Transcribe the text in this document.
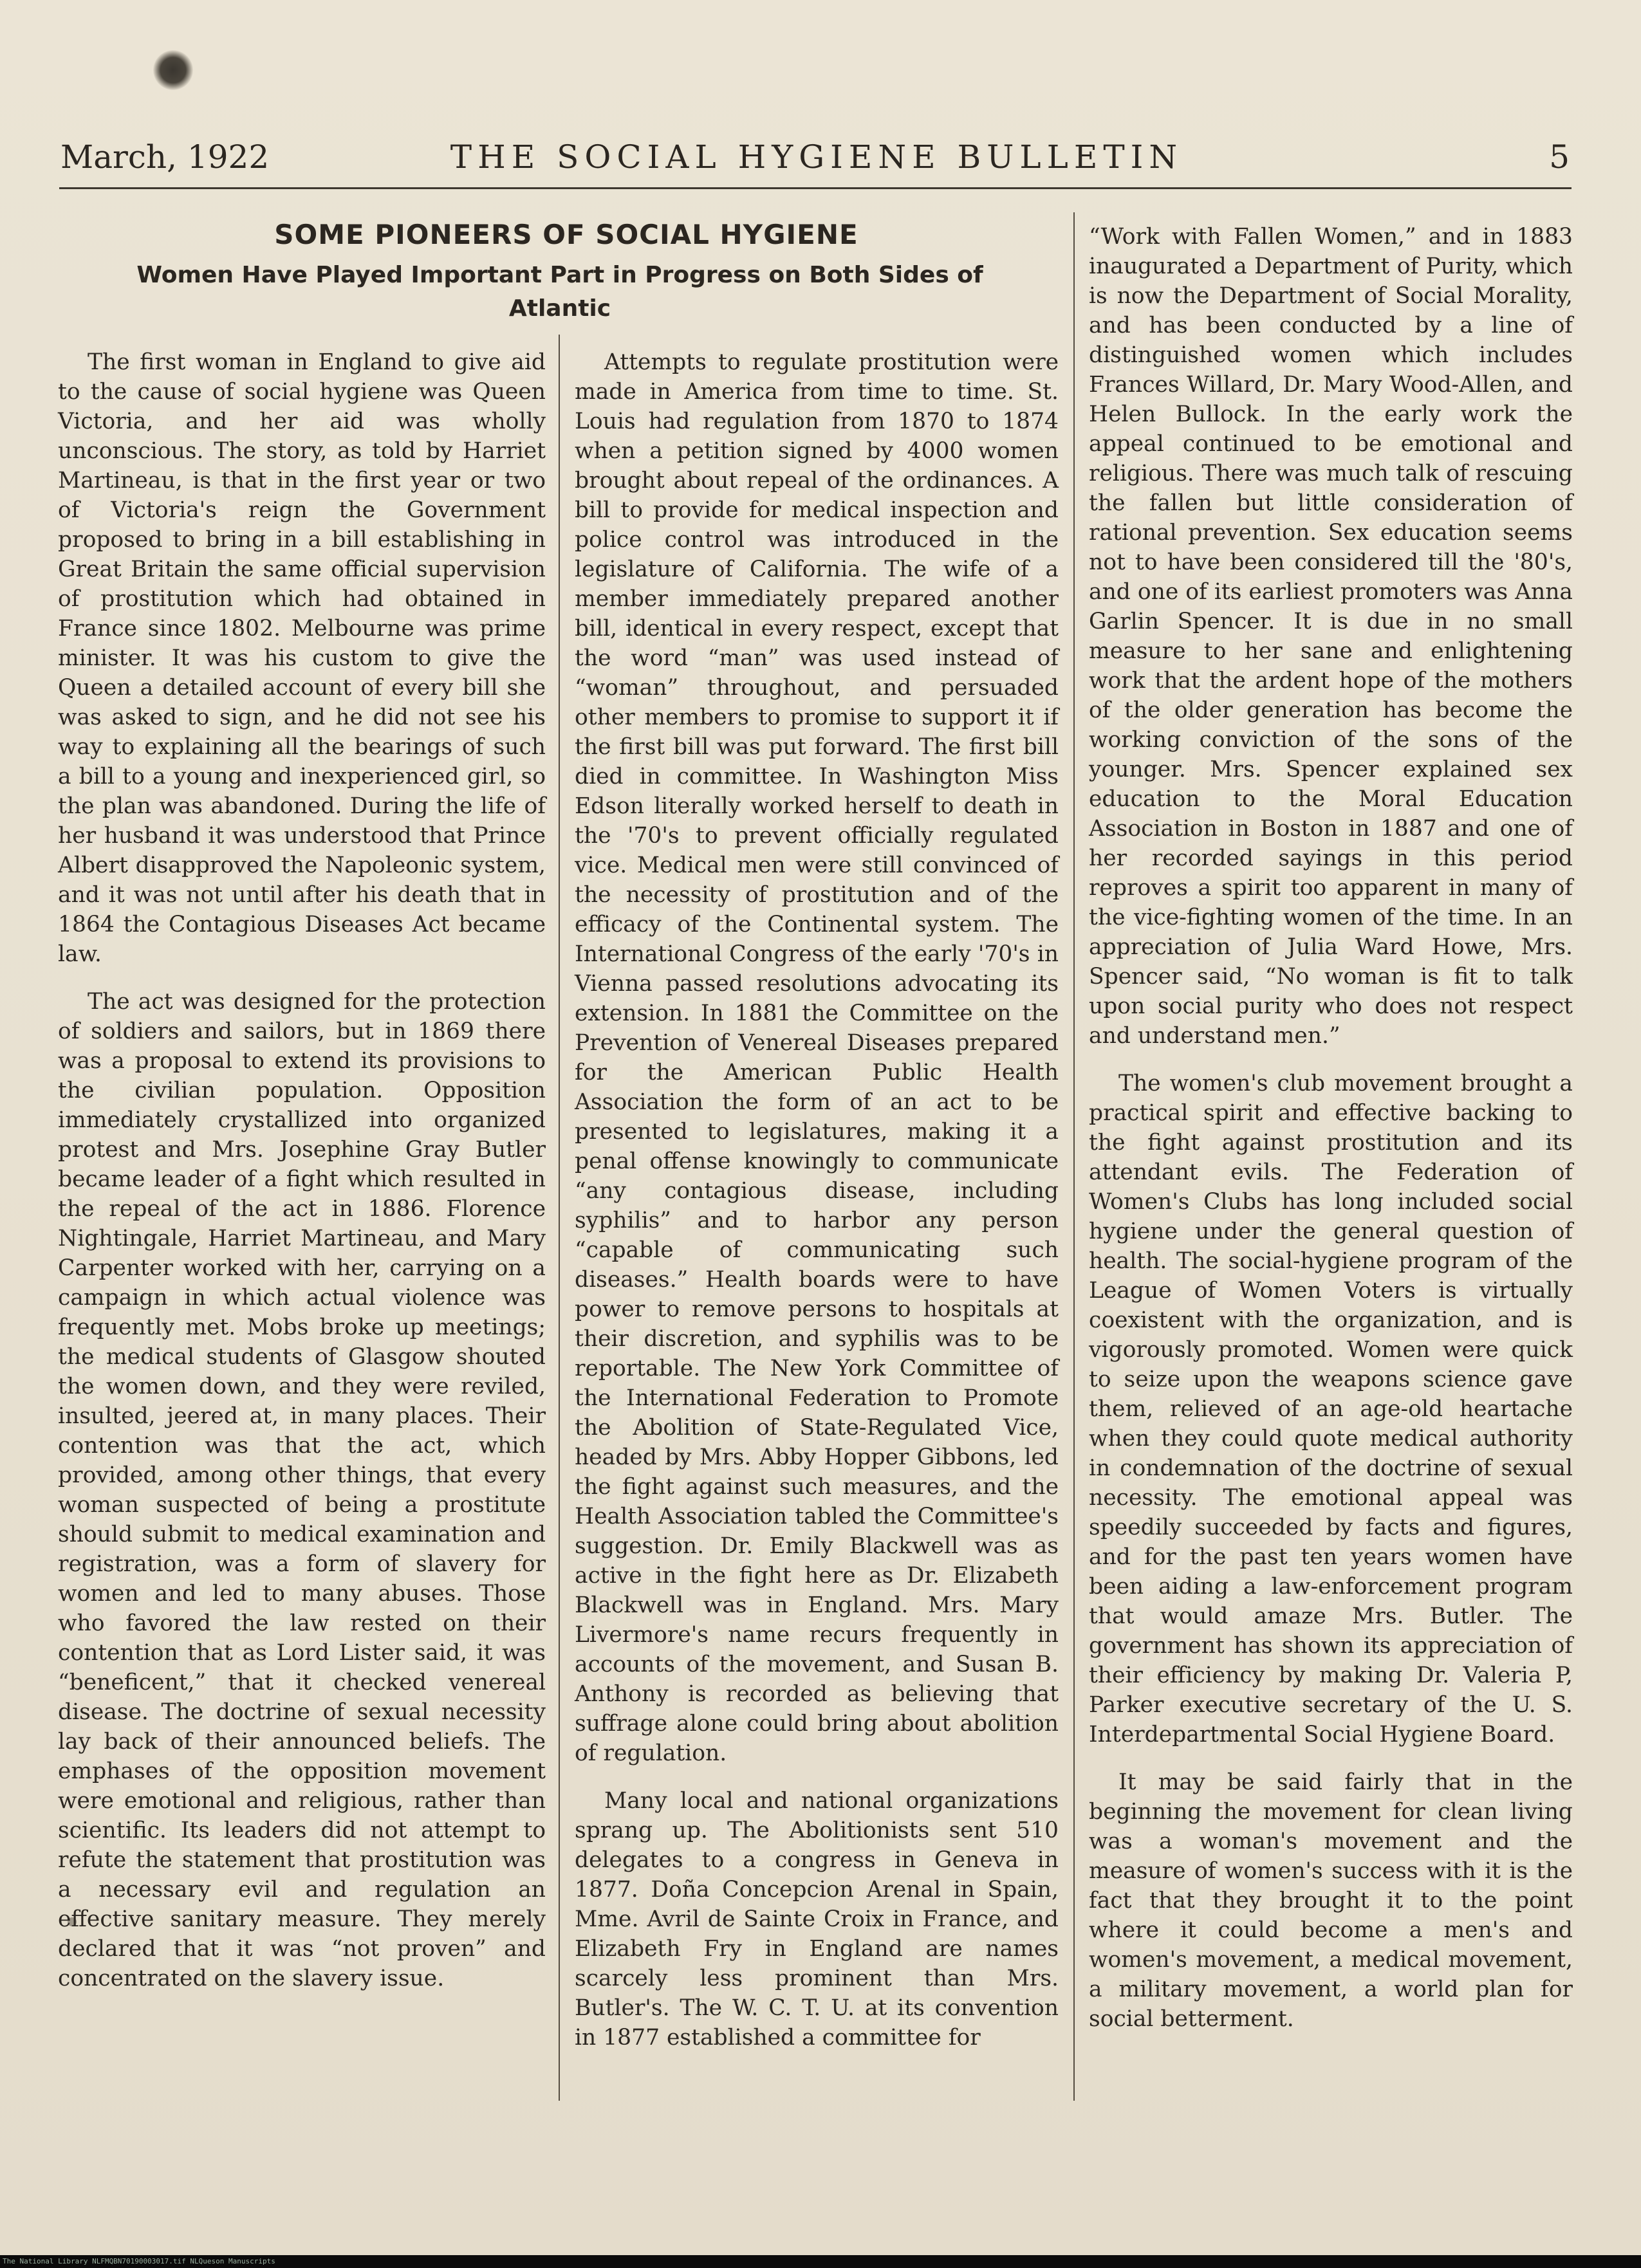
March, 1922	THE SOCIAL HYGIENE BULLETIN	5
SOME PIONEERS OF SOCIAL HYGIENE
Women Have Played Important Part in Progress on Both Sides of Atlantic

The first woman in England to give aid to the cause of social hygiene was Queen Victoria, and her aid was wholly unconscious. The story, as told by Harriet Martineau, is that in the first year or two of Victoria's reign the Government proposed to bring in a bill establishing in Great Britain the same official supervision of prostitution which had obtained in France since 1802. Melbourne was prime minister. It was his custom to give the Queen a detailed account of every bill she was asked to sign, and he did not see his way to explaining all the bearings of such a bill to a young and inexperienced girl, so the plan was abandoned. During the life of her husband it was understood that Prince Albert disapproved the Napoleonic system, and it was not until after his death that in 1864 the Contagious Diseases Act became law.

The act was designed for the protection of soldiers and sailors, but in 1869 there was a proposal to extend its provisions to the civilian population. Opposition immediately crystallized into organized protest and Mrs. Josephine Gray Butler became leader of a fight which resulted in the repeal of the act in 1886. Florence Nightingale, Harriet Martineau, and Mary Carpenter worked with her, carrying on a campaign in which actual violence was frequently met. Mobs broke up meetings; the medical students of Glasgow shouted the women down, and they were reviled, insulted, jeered at, in many places. Their contention was that the act, which provided, among other things, that every woman suspected of being a prostitute should submit to medical examination and registration, was a form of slavery for women and led to many abuses. Those who favored the law rested on their contention that as Lord Lister said, it was “beneficent,” that it checked venereal disease. The doctrine of sexual necessity lay back of their announced beliefs. The emphases of the opposition movement were emotional and religious, rather than scientific. Its leaders did not attempt to refute the statement that prostitution was a necessary evil and regulation an effective sanitary measure. They merely declared that it was “not proven” and concentrated on the slavery issue.

Attempts to regulate prostitution were made in America from time to time. St. Louis had regulation from 1870 to 1874 when a petition signed by 4000 women brought about repeal of the ordinances. A bill to provide for medical inspection and police control was introduced in the legislature of California. The wife of a member immediately prepared another bill, identical in every respect, except that the word “man” was used instead of “woman” throughout, and persuaded other members to promise to support it if the first bill was put forward. The first bill died in committee. In Washington Miss Edson literally worked herself to death in the '70's to prevent officially regulated vice. Medical men were still convinced of the necessity of prostitution and of the efficacy of the Continental system. The International Congress of the early '70's in Vienna passed resolutions advocating its extension. In 1881 the Committee on the Prevention of Venereal Diseases prepared for the American Public Health Association the form of an act to be presented to legislatures, making it a penal offense knowingly to communicate “any contagious disease, including syphilis” and to harbor any person “capable of communicating such diseases.” Health boards were to have power to remove persons to hospitals at their discretion, and syphilis was to be reportable. The New York Committee of the International Federation to Promote the Abolition of State-Regulated Vice, headed by Mrs. Abby Hopper Gibbons, led the fight against such measures, and the Health Association tabled the Committee's suggestion. Dr. Emily Blackwell was as active in the fight here as Dr. Elizabeth Blackwell was in England. Mrs. Mary Livermore's name recurs frequently in accounts of the movement, and Susan B. Anthony is recorded as believing that suffrage alone could bring about abolition of regulation.

Many local and national organizations sprang up. The Abolitionists sent 510 delegates to a congress in Geneva in 1877. Doña Concepcion Arenal in Spain, Mme. Avril de Sainte Croix in France, and Elizabeth Fry in England are names scarcely less prominent than Mrs. Butler's. The W. C. T. U. at its convention in 1877 established a committee for

“Work with Fallen Women,” and in 1883 inaugurated a Department of Purity, which is now the Department of Social Morality, and has been conducted by a line of distinguished women which includes Frances Willard, Dr. Mary Wood-Allen, and Helen Bullock. In the early work the appeal continued to be emotional and religious. There was much talk of rescuing the fallen but little consideration of rational prevention. Sex education seems not to have been considered till the '80's, and one of its earliest promoters was Anna Garlin Spencer. It is due in no small measure to her sane and enlightening work that the ardent hope of the mothers of the older generation has become the working conviction of the sons of the younger. Mrs. Spencer explained sex education to the Moral Education Association in Boston in 1887 and one of her recorded sayings in this period reproves a spirit too apparent in many of the vice-fighting women of the time. In an appreciation of Julia Ward Howe, Mrs. Spencer said, “No woman is fit to talk upon social purity who does not respect and understand men.”

The women's club movement brought a practical spirit and effective backing to the fight against prostitution and its attendant evils. The Federation of Women's Clubs has long included social hygiene under the general question of health. The social-hygiene program of the League of Women Voters is virtually coexistent with the organization, and is vigorously promoted. Women were quick to seize upon the weapons science gave them, relieved of an age-old heartache when they could quote medical authority in condemnation of the doctrine of sexual necessity. The emotional appeal was speedily succeeded by facts and figures, and for the past ten years women have been aiding a law-enforcement program that would amaze Mrs. Butler. The government has shown its appreciation of their efficiency by making Dr. Valeria P, Parker executive secretary of the U. S. Interdepartmental Social Hygiene Board.

It may be said fairly that in the beginning the movement for clean living was a woman's movement and the measure of women's success with it is the fact that they brought it to the point where it could become a men's and women's movement, a medical movement, a military movement, a world plan for social betterment.

The National Library NLFMQBN70190003017.tif NLQueson Manuscripts
